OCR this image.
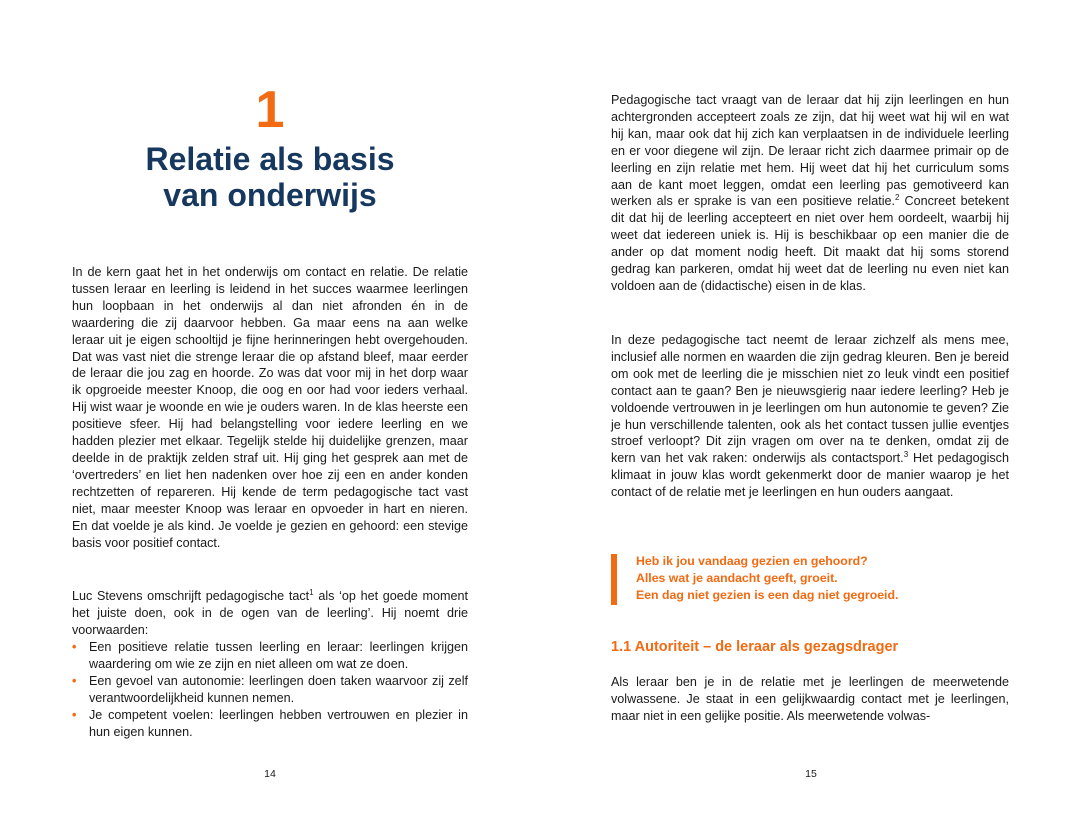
1
Relatie als basis
van onderwijs

In de kern gaat het in het onderwijs om contact en relatie. De relatie tussen leraar en leerling is leidend in het succes waarmee leerlingen hun loopbaan in het onderwijs al dan niet afronden én in de waardering die zij daarvoor hebben. Ga maar eens na aan welke leraar uit je eigen schooltijd je fijne herinneringen hebt overgehouden. Dat was vast niet die strenge leraar die op afstand bleef, maar eerder de leraar die jou zag en hoorde. Zo was dat voor mij in het dorp waar ik opgroeide meester Knoop, die oog en oor had voor ieders verhaal. Hij wist waar je woonde en wie je ouders waren. In de klas heerste een positieve sfeer. Hij had belangstelling voor iedere leerling en we hadden plezier met elkaar. Tegelijk stelde hij duidelijke grenzen, maar deelde in de praktijk zelden straf uit. Hij ging het gesprek aan met de ‘overtreders’ en liet hen nadenken over hoe zij een en ander konden rechtzetten of repareren. Hij kende de term pedagogische tact vast niet, maar meester Knoop was leraar en opvoeder in hart en nieren. En dat voelde je als kind. Je voelde je gezien en gehoord: een stevige basis voor positief contact.

Luc Stevens omschrijft pedagogische tact$^1$ als ‘op het goede moment het juiste doen, ook in de ogen van de leerling’. Hij noemt drie voorwaarden:

• Een positieve relatie tussen leerling en leraar: leerlingen krijgen waardering om wie ze zijn en niet alleen om wat ze doen.
• Een gevoel van autonomie: leerlingen doen taken waarvoor zij zelf verantwoordelijkheid kunnen nemen.
• Je competent voelen: leerlingen hebben vertrouwen en plezier in hun eigen kunnen.
14

Pedagogische tact vraagt van de leraar dat hij zijn leerlingen en hun achtergronden accepteert zoals ze zijn, dat hij weet wat hij wil en wat hij kan, maar ook dat hij zich kan verplaatsen in de individuele leerling en er voor diegene wil zijn. De leraar richt zich daarmee primair op de leerling en zijn relatie met hem. Hij weet dat hij het curriculum soms aan de kant moet leggen, omdat een leerling pas gemotiveerd kan werken als er sprake is van een positieve relatie.$^2$ Concreet betekent dit dat hij de leerling accepteert en niet over hem oordeelt, waarbij hij weet dat iedereen uniek is. Hij is beschikbaar op een manier die de ander op dat moment nodig heeft. Dit maakt dat hij soms storend gedrag kan parkeren, omdat hij weet dat de leerling nu even niet kan voldoen aan de (didactische) eisen in de klas.

In deze pedagogische tact neemt de leraar zichzelf als mens mee, inclusief alle normen en waarden die zijn gedrag kleuren. Ben je bereid om ook met de leerling die je misschien niet zo leuk vindt een positief contact aan te gaan? Ben je nieuwsgierig naar iedere leerling? Heb je voldoende vertrouwen in je leerlingen om hun autonomie te geven? Zie je hun verschillende talenten, ook als het contact tussen jullie eventjes stroef verloopt? Dit zijn vragen om over na te denken, omdat zij de kern van het vak raken: onderwijs als contactsport.$^3$ Het pedagogisch klimaat in jouw klas wordt gekenmerkt door de manier waarop je het contact of de relatie met je leerlingen en hun ouders aangaat.

Heb ik jou vandaag gezien en gehoord?
Alles wat je aandacht geeft, groeit.
Een dag niet gezien is een dag niet gegroeid.
1.1 Autoriteit – de leraar als gezagsdrager

Als leraar ben je in de relatie met je leerlingen de meerwetende volwassene. Je staat in een gelijkwaardig contact met je leerlingen, maar niet in een gelijke positie. Als meerwetende volwas-

15
